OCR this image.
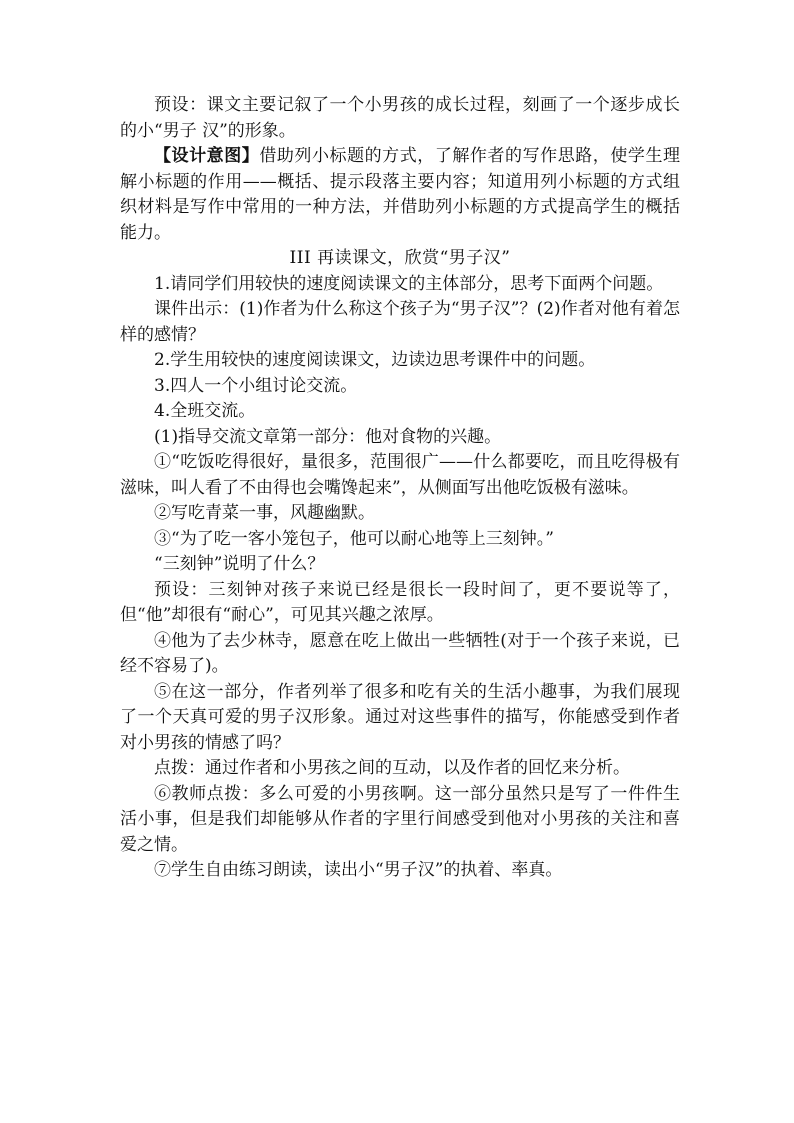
预设：课文主要记叙了一个小男孩的成长过程，刻画了一个逐步成长的小“男子 汉”的形象。

【设计意图】借助列小标题的方式，了解作者的写作思路，使学生理解小标题的作用——概括、提示段落主要内容；知道用列小标题的方式组织材料是写作中常用的一种方法，并借助列小标题的方式提高学生的概括能力。

III 再读课文，欣赏“男子汉”

1.请同学们用较快的速度阅读课文的主体部分，思考下面两个问题。

课件出示：(1)作者为什么称这个孩子为“男子汉”？(2)作者对他有着怎样的感情？

2.学生用较快的速度阅读课文，边读边思考课件中的问题。

3.四人一个小组讨论交流。

4.全班交流。

(1)指导交流文章第一部分：他对食物的兴趣。

①“吃饭吃得很好，量很多，范围很广——什么都要吃，而且吃得极有滋味，叫人看了不由得也会嘴馋起来”，从侧面写出他吃饭极有滋味。

②写吃青菜一事，风趣幽默。

③“为了吃一客小笼包子，他可以耐心地等上三刻钟。”

“三刻钟”说明了什么？

预设：三刻钟对孩子来说已经是很长一段时间了，更不要说等了，但“他”却很有“耐心”，可见其兴趣之浓厚。

④他为了去少林寺，愿意在吃上做出一些牺牲(对于一个孩子来说，已经不容易了)。

⑤在这一部分，作者列举了很多和吃有关的生活小趣事，为我们展现了一个天真可爱的男子汉形象。通过对这些事件的描写，你能感受到作者对小男孩的情感了吗？

点拨：通过作者和小男孩之间的互动，以及作者的回忆来分析。

⑥教师点拨：多么可爱的小男孩啊。这一部分虽然只是写了一件件生活小事，但是我们却能够从作者的字里行间感受到他对小男孩的关注和喜爱之情。

⑦学生自由练习朗读，读出小“男子汉”的执着、率真。
